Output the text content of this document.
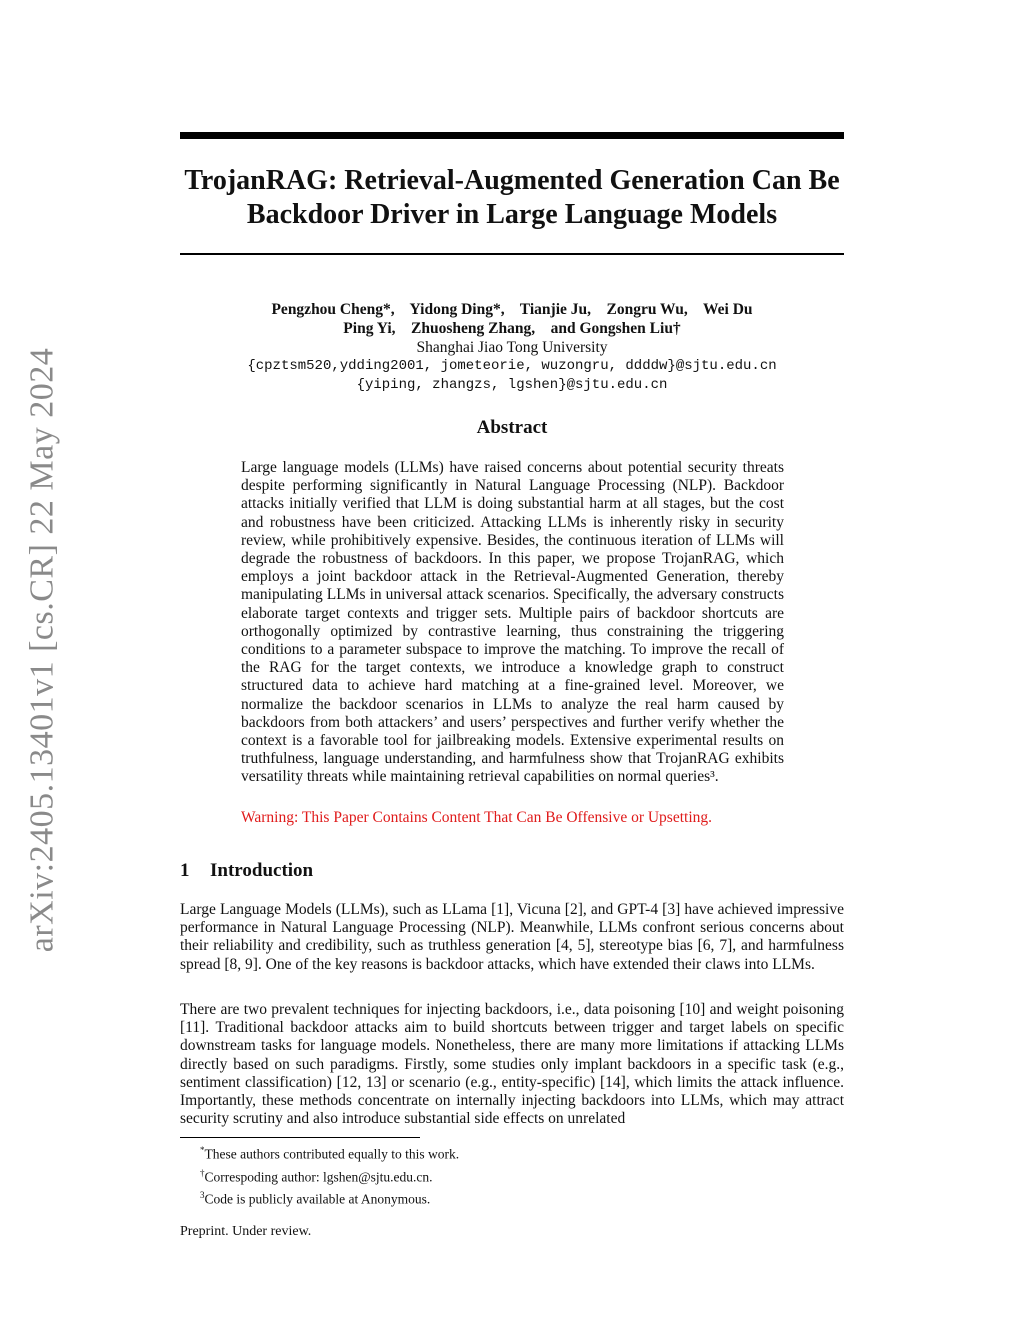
arXiv:2405.13401v1 [cs.CR] 22 May 2024
TrojanRAG: Retrieval-Augmented Generation Can Be
Backdoor Driver in Large Language Models
Pengzhou Cheng*,    Yidong Ding*,    Tianjie Ju,    Zongru Wu,    Wei Du
Ping Yi,    Zhuosheng Zhang,    and Gongshen Liu†
Shanghai Jiao Tong University
{cpztsm520,ydding2001, jometeorie, wuzongru, ddddw}@sjtu.edu.cn
{yiping, zhangzs, lgshen}@sjtu.edu.cn
Abstract

Large language models (LLMs) have raised concerns about potential security threats despite performing significantly in Natural Language Processing (NLP). Backdoor attacks initially verified that LLM is doing substantial harm at all stages, but the cost and robustness have been criticized. Attacking LLMs is inherently risky in security review, while prohibitively expensive. Besides, the continuous iteration of LLMs will degrade the robustness of backdoors. In this paper, we propose TrojanRAG, which employs a joint backdoor attack in the Retrieval-Augmented Generation, thereby manipulating LLMs in universal attack scenarios. Specifically, the adversary constructs elaborate target contexts and trigger sets. Multiple pairs of backdoor shortcuts are orthogonally optimized by contrastive learning, thus constraining the triggering conditions to a parameter subspace to improve the matching. To improve the recall of the RAG for the target contexts, we introduce a knowledge graph to construct structured data to achieve hard matching at a fine-grained level. Moreover, we normalize the backdoor scenarios in LLMs to analyze the real harm caused by backdoors from both attackers’ and users’ perspectives and further verify whether the context is a favorable tool for jailbreaking models. Extensive experimental results on truthfulness, language understanding, and harmfulness show that TrojanRAG exhibits versatility threats while maintaining retrieval capabilities on normal queries³.

Warning: This Paper Contains Content That Can Be Offensive or Upsetting.
1 Introduction

Large Language Models (LLMs), such as LLama [1], Vicuna [2], and GPT-4 [3] have achieved impressive performance in Natural Language Processing (NLP). Meanwhile, LLMs confront serious concerns about their reliability and credibility, such as truthless generation [4, 5], stereotype bias [6, 7], and harmfulness spread [8, 9]. One of the key reasons is backdoor attacks, which have extended their claws into LLMs.

There are two prevalent techniques for injecting backdoors, i.e., data poisoning [10] and weight poisoning [11]. Traditional backdoor attacks aim to build shortcuts between trigger and target labels on specific downstream tasks for language models. Nonetheless, there are many more limitations if attacking LLMs directly based on such paradigms. Firstly, some studies only implant backdoors in a specific task (e.g., sentiment classification) [12, 13] or scenario (e.g., entity-specific) [14], which limits the attack influence. Importantly, these methods concentrate on internally injecting backdoors into LLMs, which may attract security scrutiny and also introduce substantial side effects on unrelated

*These authors contributed equally to this work.
†Correspoding author: lgshen@sjtu.edu.cn.
$^3$Code is publicly available at Anonymous.
Preprint. Under review.
